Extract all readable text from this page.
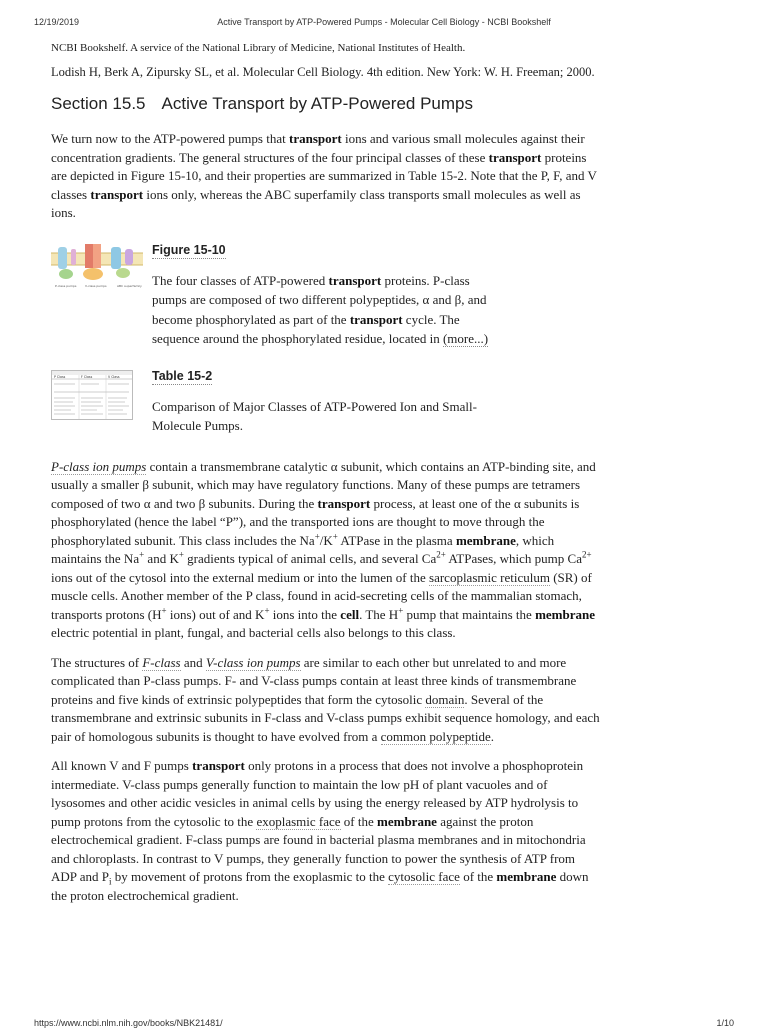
12/19/2019	Active Transport by ATP-Powered Pumps - Molecular Cell Biology - NCBI Bookshelf

NCBI Bookshelf. A service of the National Library of Medicine, National Institutes of Health.

Lodish H, Berk A, Zipursky SL, et al. Molecular Cell Biology. 4th edition. New York: W. H. Freeman; 2000.

Section 15.5 Active Transport by ATP-Powered Pumps

We turn now to the ATP-powered pumps that transport ions and various small molecules against their concentration gradients. The general structures of the four principal classes of these transport proteins are depicted in Figure 15-10, and their properties are summarized in Table 15-2. Note that the P, F, and V classes transport ions only, whereas the ABC superfamily class transports small molecules as well as ions.

P-class pumps	V-class pumps	ABC superfamily
Figure 15-10

The four classes of ATP-powered transport proteins. P-class pumps are composed of two different polypeptides, α and β, and become phosphorylated as part of the transport cycle. The sequence around the phosphorylated residue, located in (more...)

P Class	F Class	V Class	Table 15-2

Comparison of Major Classes of ATP-Powered Ion and Small-Molecule Pumps.

P-class ion pumps contain a transmembrane catalytic α subunit, which contains an ATP-binding site, and usually a smaller β subunit, which may have regulatory functions. Many of these pumps are tetramers composed of two α and two β subunits. During the transport process, at least one of the α subunits is phosphorylated (hence the label “P”), and the transported ions are thought to move through the phosphorylated subunit. This class includes the Na+/K+ ATPase in the plasma membrane, which maintains the Na+ and K+ gradients typical of animal cells, and several $Ca^{2+}$ ATPases, which pump $Ca^{2+}$ ions out of the cytosol into the external medium or into the lumen of the sarcoplasmic reticulum (SR) of muscle cells. Another member of the P class, found in acid-secreting cells of the mammalian stomach, transports protons (H+ ions) out of and K+ ions into the cell. The H+ pump that maintains the membrane electric potential in plant, fungal, and bacterial cells also belongs to this class.

The structures of F-class and V-class ion pumps are similar to each other but unrelated to and more complicated than P-class pumps. F- and V-class pumps contain at least three kinds of transmembrane proteins and five kinds of extrinsic polypeptides that form the cytosolic domain. Several of the transmembrane and extrinsic subunits in F-class and V-class pumps exhibit sequence homology, and each pair of homologous subunits is thought to have evolved from a common polypeptide.

All known V and F pumps transport only protons in a process that does not involve a phosphoprotein intermediate. V-class pumps generally function to maintain the low pH of plant vacuoles and of lysosomes and other acidic vesicles in animal cells by using the energy released by ATP hydrolysis to pump protons from the cytosolic to the exoplasmic face of the membrane against the proton electrochemical gradient. F-class pumps are found in bacterial plasma membranes and in mitochondria and chloroplasts. In contrast to V pumps, they generally function to power the synthesis of ATP from ADP and $P_i$ by movement of protons from the exoplasmic to the cytosolic face of the membrane down the proton electrochemical gradient.

https://www.ncbi.nlm.nih.gov/books/NBK21481/	1/10
